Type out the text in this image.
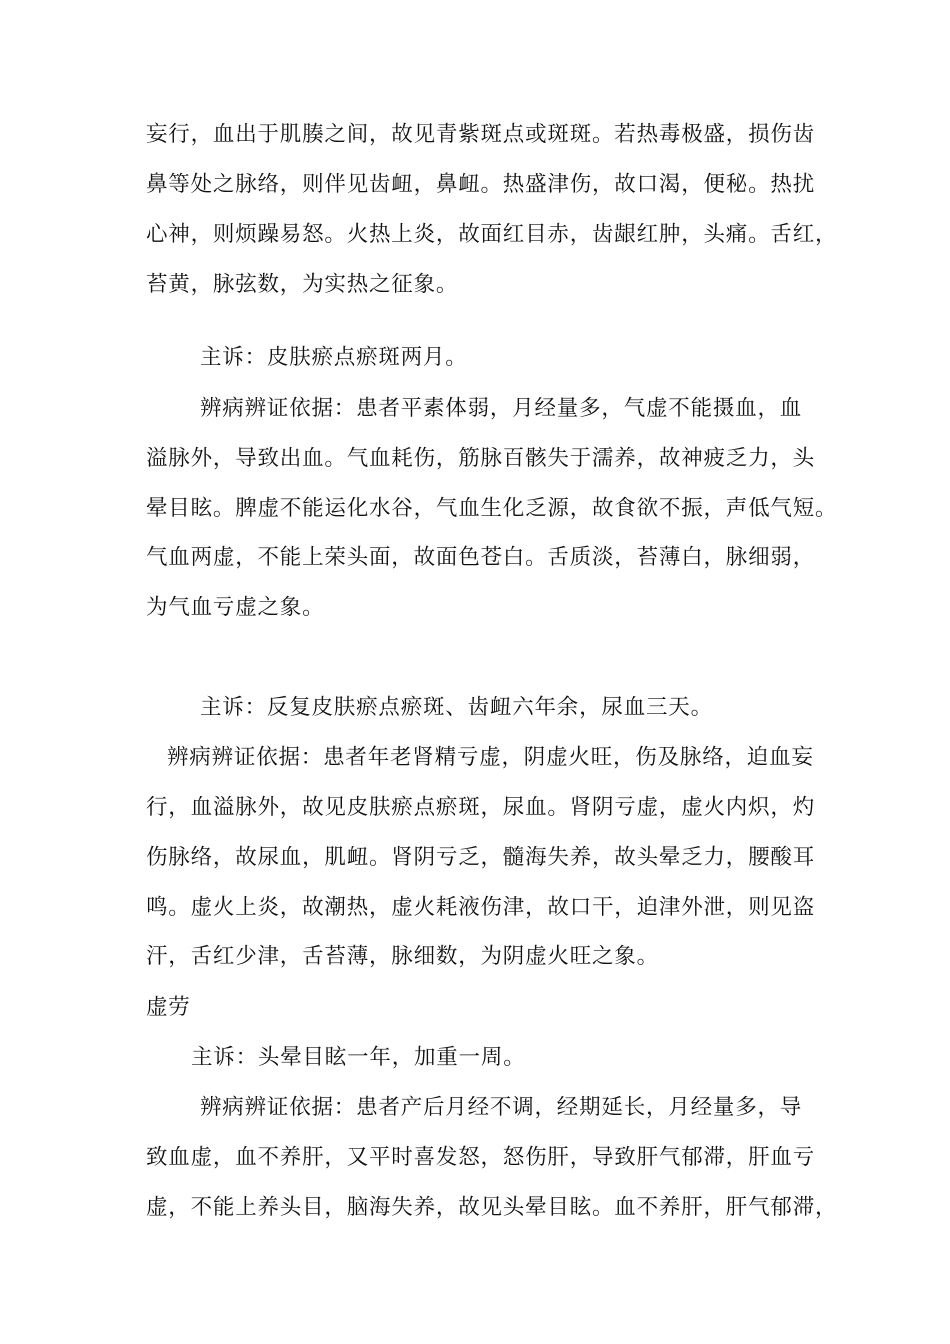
妄行，血出于肌腠之间，故见青紫斑点或斑斑。若热毒极盛，损伤齿
鼻等处之脉络，则伴见齿衄，鼻衄。热盛津伤，故口渴，便秘。热扰
心神，则烦躁易怒。火热上炎，故面红目赤，齿龈红肿，头痛。舌红，
苔黄，脉弦数，为实热之征象。
主诉：皮肤瘀点瘀斑两月。
辨病辨证依据：患者平素体弱，月经量多，气虚不能摄血，血
溢脉外，导致出血。气血耗伤，筋脉百骸失于濡养，故神疲乏力，头
晕目眩。脾虚不能运化水谷，气血生化乏源，故食欲不振，声低气短。
气血两虚，不能上荣头面，故面色苍白。舌质淡，苔薄白，脉细弱，
为气血亏虚之象。
主诉：反复皮肤瘀点瘀斑、齿衄六年余，尿血三天。
辨病辨证依据：患者年老肾精亏虚，阴虚火旺，伤及脉络，迫血妄
行，血溢脉外，故见皮肤瘀点瘀斑，尿血。肾阴亏虚，虚火内炽，灼
伤脉络，故尿血，肌衄。肾阴亏乏，髓海失养，故头晕乏力，腰酸耳
鸣。虚火上炎，故潮热，虚火耗液伤津，故口干，迫津外泄，则见盗
汗，舌红少津，舌苔薄，脉细数，为阴虚火旺之象。
虚劳
主诉：头晕目眩一年，加重一周。
辨病辨证依据：患者产后月经不调，经期延长，月经量多，导
致血虚，血不养肝，又平时喜发怒，怒伤肝，导致肝气郁滞，肝血亏
虚，不能上养头目，脑海失养，故见头晕目眩。血不养肝，肝气郁滞，
